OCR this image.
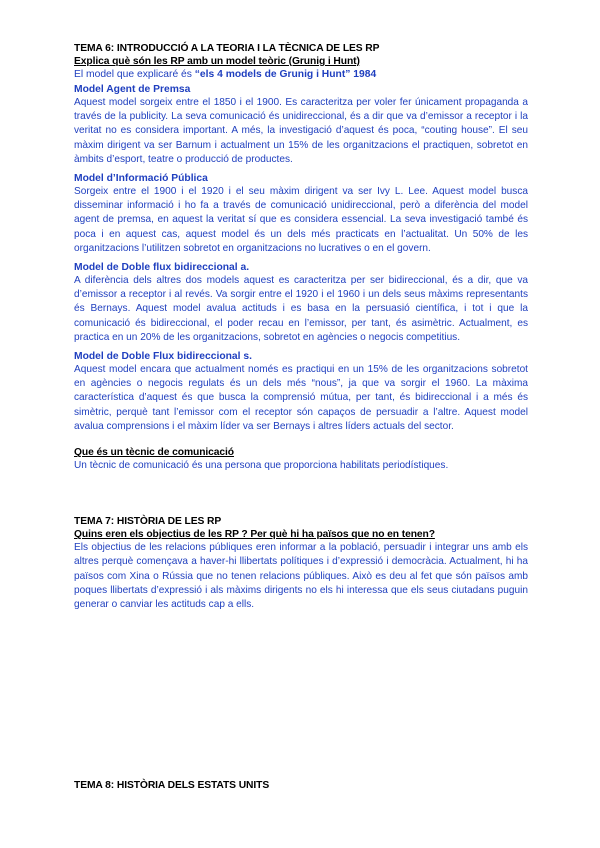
TEMA 6: INTRODUCCIÓ A LA TEORIA I LA TÈCNICA DE LES RP

Explica què són les RP amb un model teòric (Grunig i Hunt)

El model que explicaré és “els 4 models de Grunig i Hunt” 1984

Model Agent de Premsa

Aquest model sorgeix entre el 1850 i el 1900. Es caracteritza per voler fer únicament propaganda a través de la publicity. La seva comunicació és unidireccional, és a dir que va d’emissor a receptor i la veritat no es considera important. A més, la investigació d’aquest és poca, “couting house”. El seu màxim dirigent va ser Barnum i actualment un 15% de les organitzacions el practiquen, sobretot en àmbits d’esport, teatre o producció de productes.

Model d’Informació Pública

Sorgeix entre el 1900 i el 1920 i el seu màxim dirigent va ser Ivy L. Lee. Aquest model busca disseminar informació i ho fa a través de comunicació unidireccional, però a diferència del model agent de premsa, en aquest la veritat sí que es considera essencial. La seva investigació també és poca i en aquest cas, aquest model és un dels més practicats en l’actualitat. Un 50% de les organitzacions l’utilitzen sobretot en organitzacions no lucratives o en el govern.

Model de Doble flux bidireccional a.

A diferència dels altres dos models aquest es caracteritza per ser bidireccional, és a dir, que va d’emissor a receptor i al revés. Va sorgir entre el 1920 i el 1960 i un dels seus màxims representants és Bernays. Aquest model avalua actituds i es basa en la persuasió científica, i tot i que la comunicació és bidireccional, el poder recau en l’emissor, per tant, és asimètric. Actualment, es practica en un 20% de les organitzacions, sobretot en agències o negocis competitius.

Model de Doble Flux bidireccional s.

Aquest model encara que actualment només es practiqui en un 15% de les organitzacions sobretot en agències o negocis regulats és un dels més “nous”, ja que va sorgir el 1960. La màxima característica d’aquest és que busca la comprensió mútua, per tant, és bidireccional i a més és simètric, perquè tant l’emissor com el receptor són capaços de persuadir a l’altre. Aquest model avalua comprensions i el màxim líder va ser Bernays i altres líders actuals del sector.

Que és un tècnic de comunicació

Un tècnic de comunicació és una persona que proporciona habilitats periodístiques.

TEMA 7: HISTÒRIA DE LES RP

Quins eren els objectius de les RP ? Per què hi ha països que no en tenen?

Els objectius de les relacions públiques eren informar a la població, persuadir i integrar uns amb els altres perquè començava a haver-hi llibertats polítiques i d’expressió i democràcia. Actualment, hi ha països com Xina o Rússia que no tenen relacions públiques. Això es deu al fet que són països amb poques llibertats d’expressió i als màxims dirigents no els hi interessa que els seus ciutadans puguin generar o canviar les actituds cap a ells.

TEMA 8: HISTÒRIA DELS ESTATS UNITS
